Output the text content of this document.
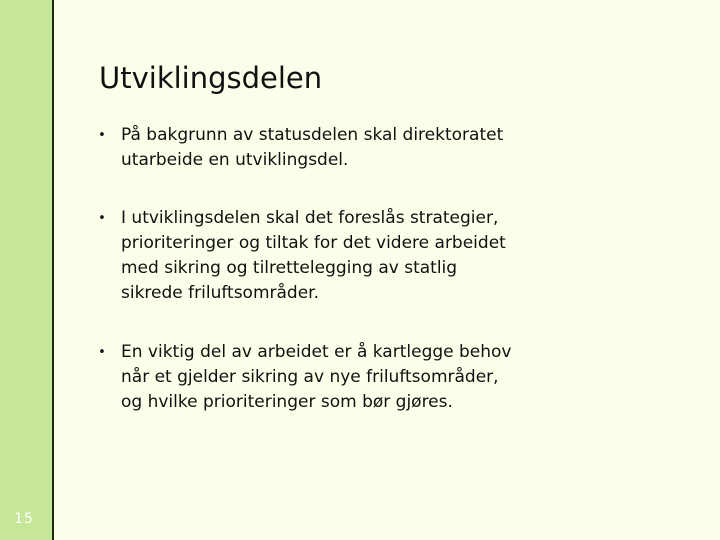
15
Utviklingsdelen
• På bakgrunn av statusdelen skal direktoratet
utarbeide en utviklingsdel.
• I utviklingsdelen skal det foreslås strategier,
prioriteringer og tiltak for det videre arbeidet
med sikring og tilrettelegging av statlig
sikrede friluftsområder.
• En viktig del av arbeidet er å kartlegge behov
når et gjelder sikring av nye friluftsområder,
og hvilke prioriteringer som bør gjøres.
